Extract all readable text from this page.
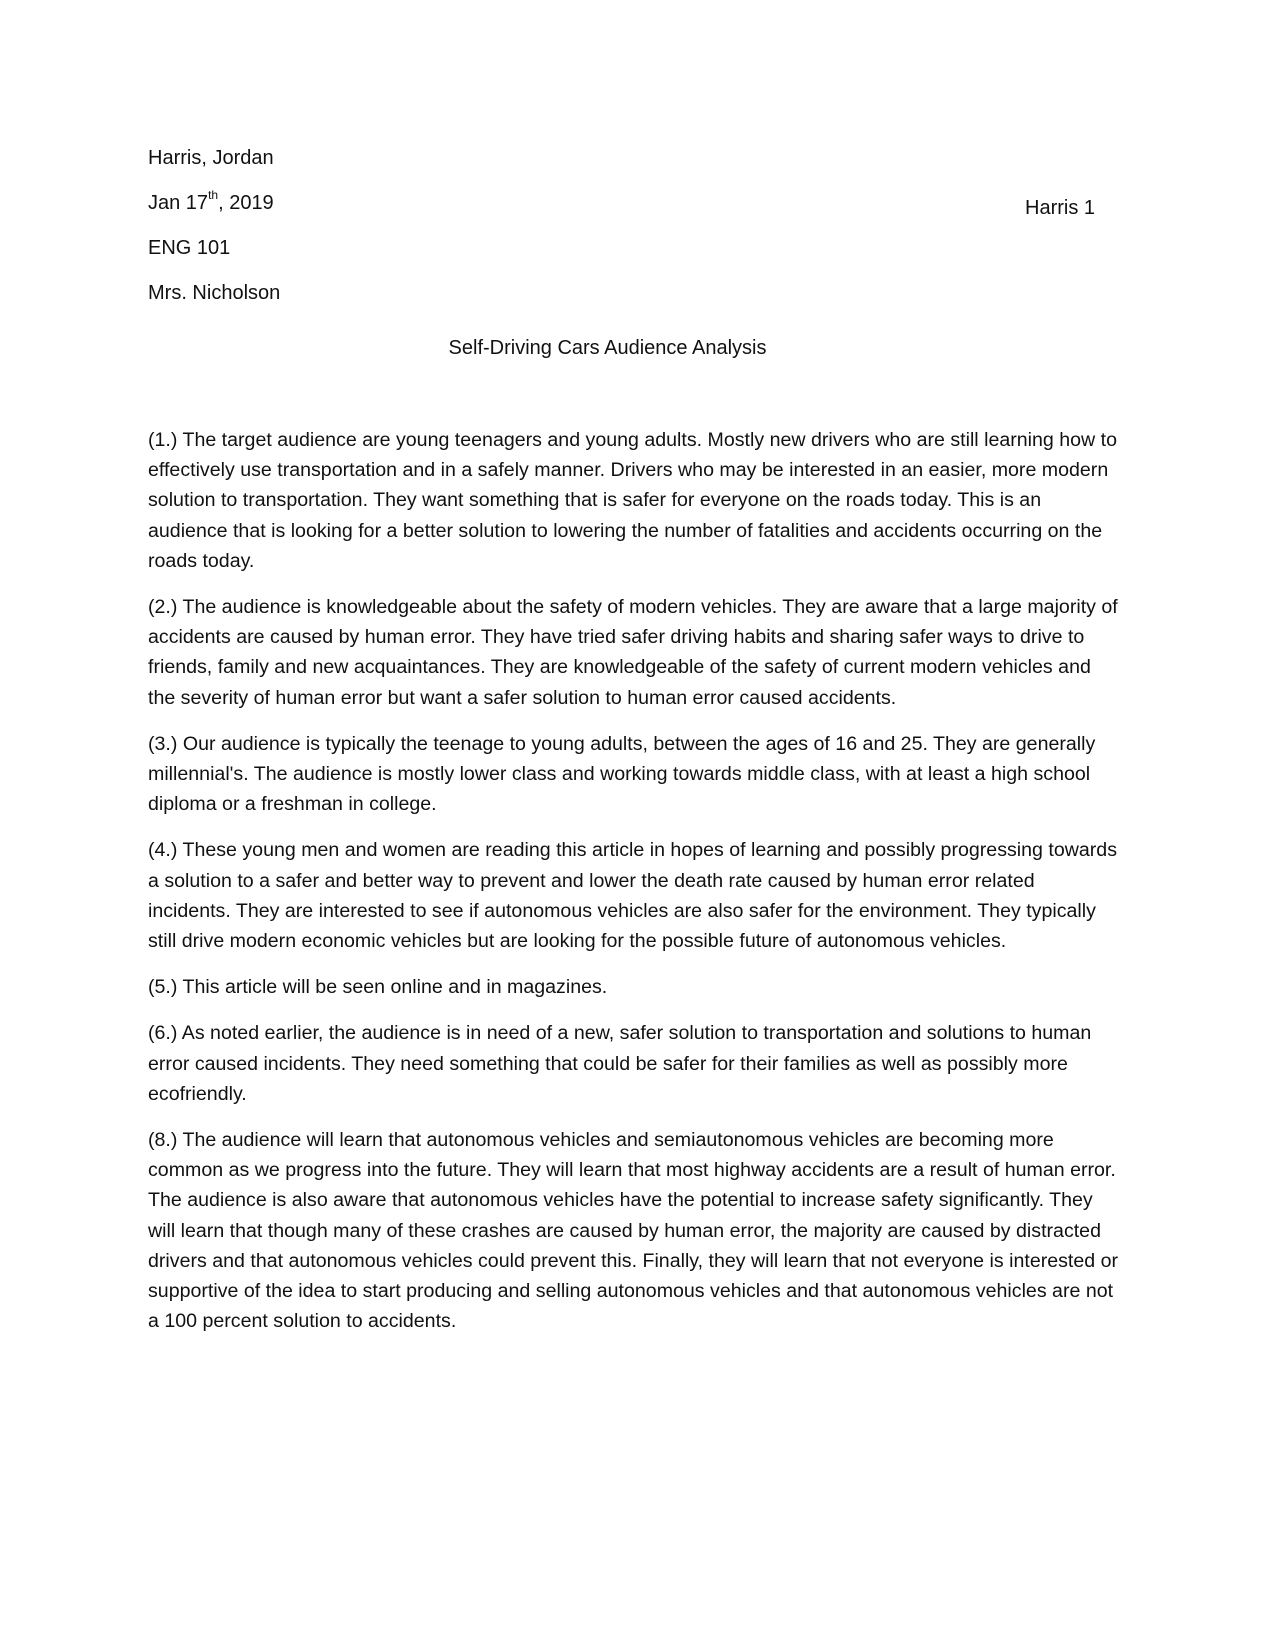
Harris, Jordan
Jan 17th, 2019	Harris 1
ENG 101
Mrs. Nicholson
Self-Driving Cars Audience Analysis

(1.) The target audience are young teenagers and young adults. Mostly new drivers who are still learning how to effectively use transportation and in a safely manner. Drivers who may be interested in an easier, more modern solution to transportation. They want something that is safer for everyone on the roads today. This is an audience that is looking for a better solution to lowering the number of fatalities and accidents occurring on the roads today.

(2.) The audience is knowledgeable about the safety of modern vehicles. They are aware that a large majority of accidents are caused by human error. They have tried safer driving habits and sharing safer ways to drive to friends, family and new acquaintances. They are knowledgeable of the safety of current modern vehicles and the severity of human error but want a safer solution to human error caused accidents.

(3.) Our audience is typically the teenage to young adults, between the ages of 16 and 25. They are generally millennial's. The audience is mostly lower class and working towards middle class, with at least a high school diploma or a freshman in college.

(4.) These young men and women are reading this article in hopes of learning and possibly progressing towards a solution to a safer and better way to prevent and lower the death rate caused by human error related incidents. They are interested to see if autonomous vehicles are also safer for the environment. They typically still drive modern economic vehicles but are looking for the possible future of autonomous vehicles.

(5.) This article will be seen online and in magazines.

(6.) As noted earlier, the audience is in need of a new, safer solution to transportation and solutions to human error caused incidents. They need something that could be safer for their families as well as possibly more ecofriendly.

(8.) The audience will learn that autonomous vehicles and semiautonomous vehicles are becoming more common as we progress into the future. They will learn that most highway accidents are a result of human error. The audience is also aware that autonomous vehicles have the potential to increase safety significantly. They will learn that though many of these crashes are caused by human error, the majority are caused by distracted drivers and that autonomous vehicles could prevent this. Finally, they will learn that not everyone is interested or supportive of the idea to start producing and selling autonomous vehicles and that autonomous vehicles are not a 100 percent solution to accidents.
